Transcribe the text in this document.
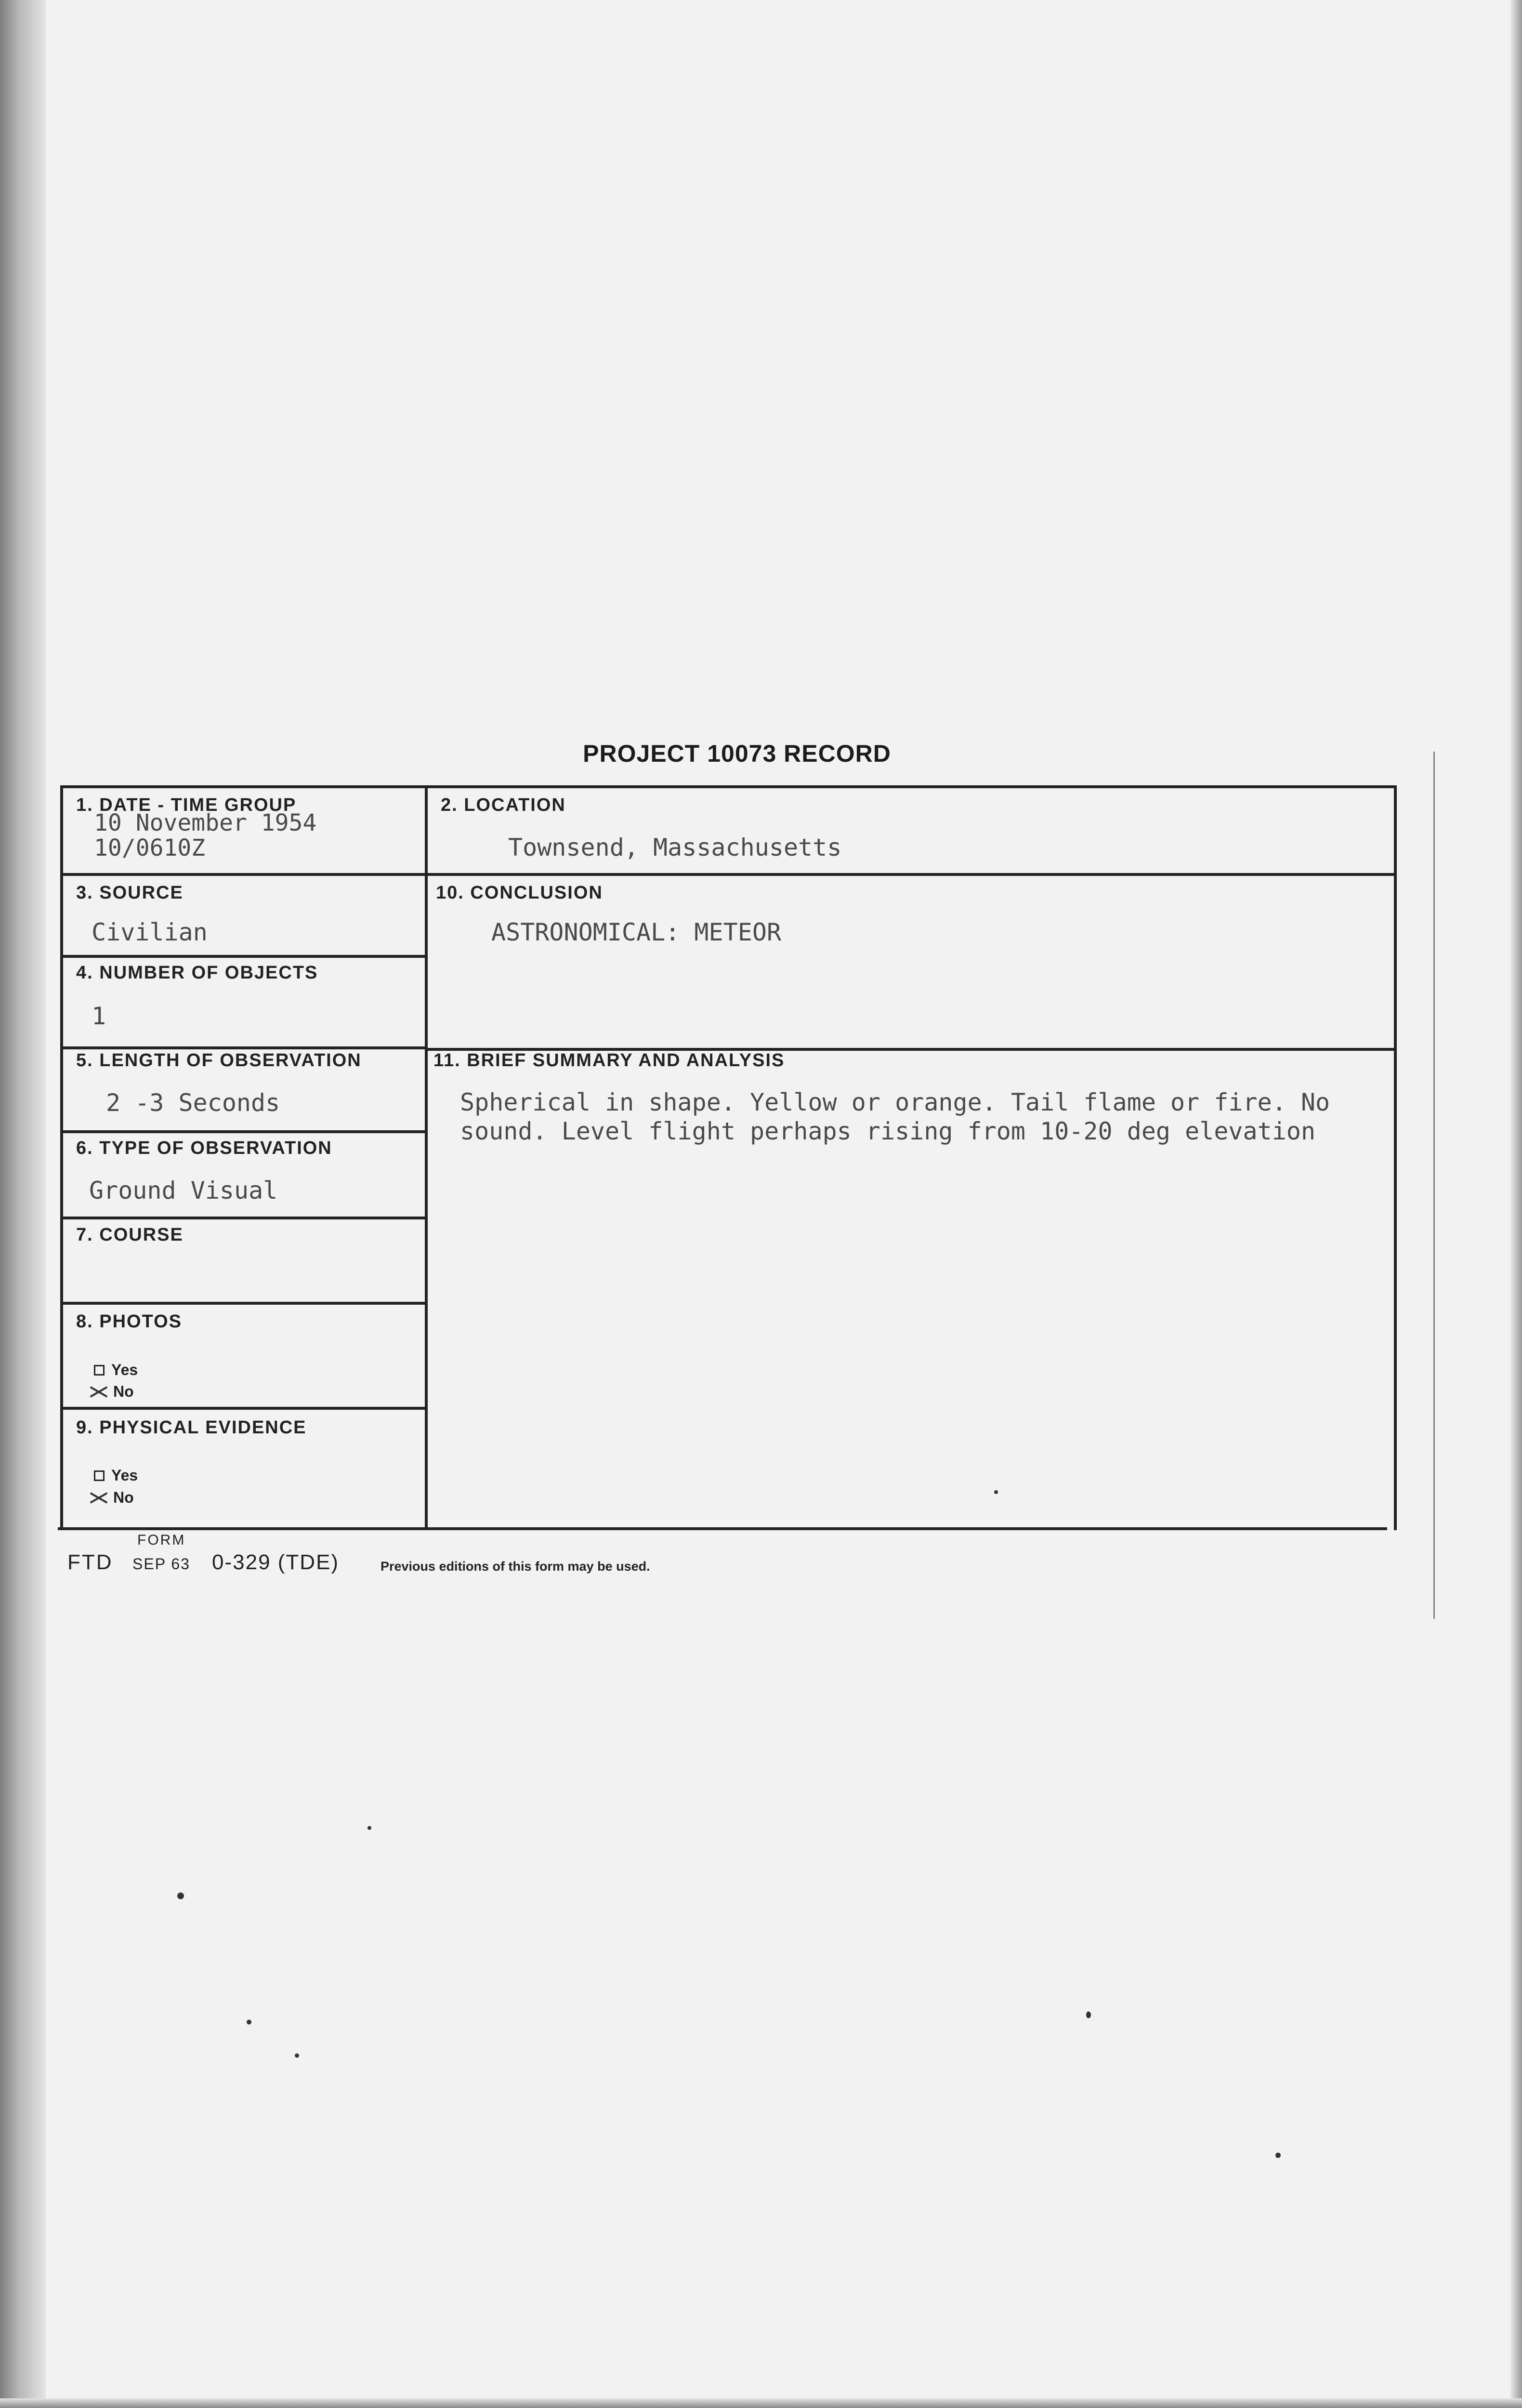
PROJECT 10073 RECORD
1. DATE - TIME GROUP
10 November 1954
10/0610Z
2. LOCATION
Townsend, Massachusetts
3. SOURCE
Civilian
10. CONCLUSION
ASTRONOMICAL: METEOR
4. NUMBER OF OBJECTS
1
5. LENGTH OF OBSERVATION
2 -3 Seconds
11. BRIEF SUMMARY AND ANALYSIS
Spherical in shape. Yellow or orange. Tail flame or fire. No sound. Level flight perhaps rising from 10-20 deg elevation
6. TYPE OF OBSERVATION
Ground Visual
7. COURSE
8. PHOTOS
Yes
No
9. PHYSICAL EVIDENCE
Yes
No
FORM
FTD SEP 63 0-329 (TDE)	Previous editions of this form may be used.
